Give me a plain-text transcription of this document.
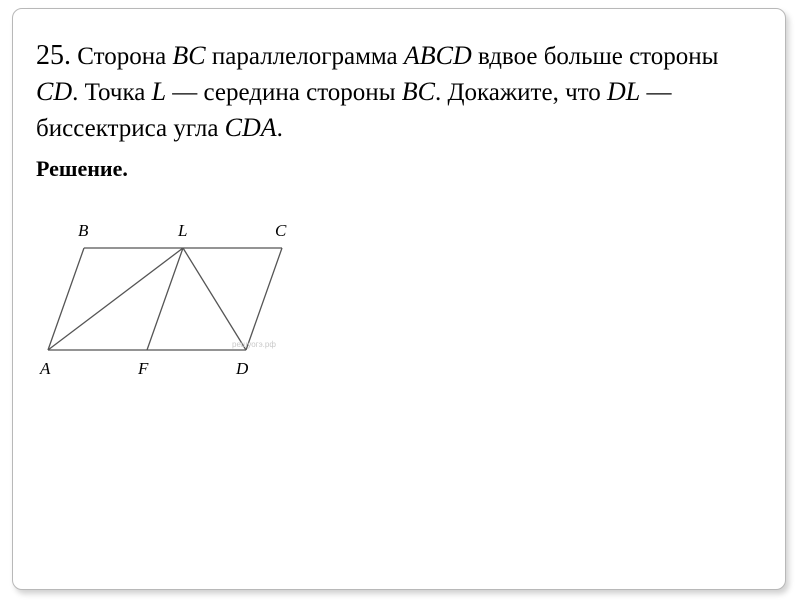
25. Сторона BC параллелограмма ABCD вдвое больше стороны CD. Точка L — середина стороны BC. Докажите, что DL — биссектриса угла CDA.

Решение.

B	L	C
A	F	D
решуогэ.рф
